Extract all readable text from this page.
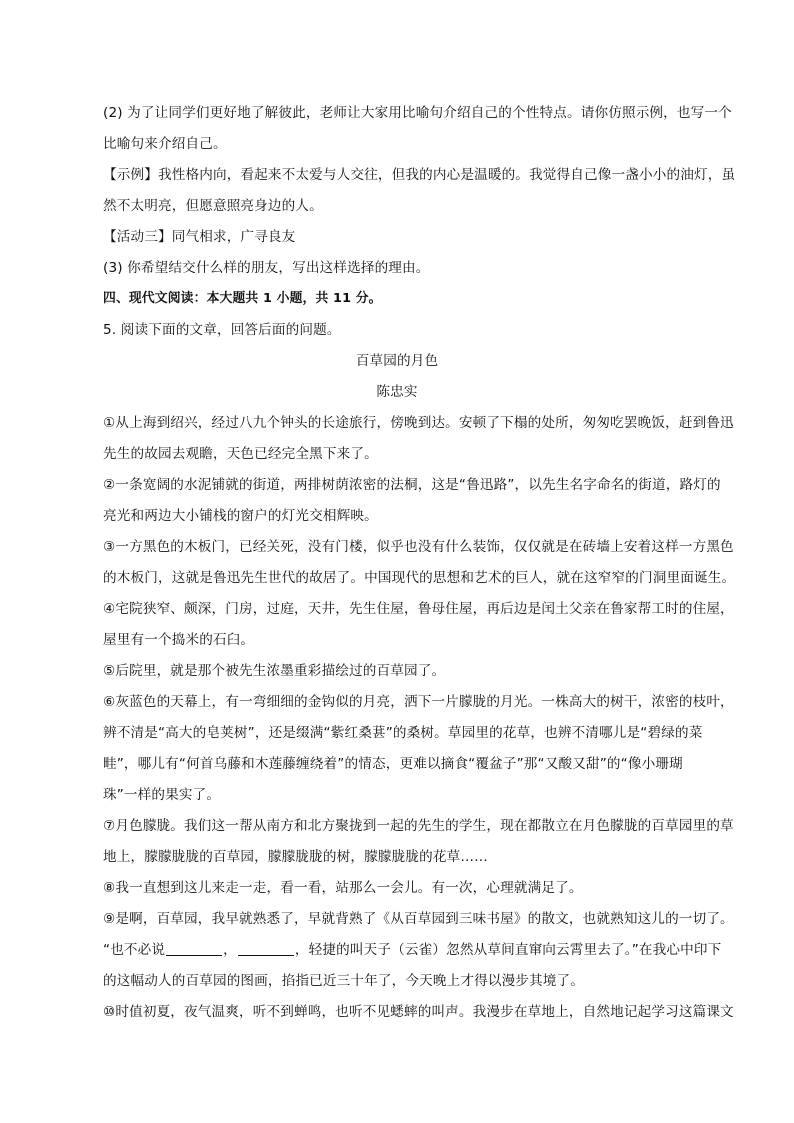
(2) 为了让同学们更好地了解彼此，老师让大家用比喻句介绍自己的个性特点。请你仿照示例，也写一个
比喻句来介绍自己。
【示例】我性格内向，看起来不太爱与人交往，但我的内心是温暖的。我觉得自己像一盏小小的油灯，虽
然不太明亮，但愿意照亮身边的人。
【活动三】同气相求，广寻良友
(3) 你希望结交什么样的朋友，写出这样选择的理由。
四、现代文阅读：本大题共 1 小题，共 11 分。
5. 阅读下面的文章，回答后面的问题。
百草园的月色
陈忠实
①从上海到绍兴，经过八九个钟头的长途旅行，傍晚到达。安顿了下榻的处所，匆匆吃罢晚饭，赶到鲁迅
先生的故园去观瞻，天色已经完全黑下来了。
②一条宽阔的水泥铺就的街道，两排树荫浓密的法桐，这是“鲁迅路”，以先生名字命名的街道，路灯的
亮光和两边大小铺栈的窗户的灯光交相辉映。
③一方黑色的木板门，已经关死，没有门楼，似乎也没有什么装饰，仅仅就是在砖墙上安着这样一方黑色
的木板门，这就是鲁迅先生世代的故居了。中国现代的思想和艺术的巨人，就在这窄窄的门洞里面诞生。
④宅院狭窄、颇深，门房，过庭，天井，先生住屋，鲁母住屋，再后边是闰土父亲在鲁家帮工时的住屋，
屋里有一个捣米的石臼。
⑤后院里，就是那个被先生浓墨重彩描绘过的百草园了。
⑥灰蓝色的天幕上，有一弯细细的金钩似的月亮，洒下一片朦胧的月光。一株高大的树干，浓密的枝叶，
辨不清是“高大的皂荚树”，还是缀满“紫红桑葚”的桑树。草园里的花草，也辨不清哪儿是“碧绿的菜
畦”，哪儿有“何首乌藤和木莲藤缠绕着”的情态，更难以摘食“覆盆子”那“又酸又甜”的“像小珊瑚
珠”一样的果实了。
⑦月色朦胧。我们这一帮从南方和北方聚拢到一起的先生的学生，现在都散立在月色朦胧的百草园里的草
地上，朦朦胧胧的百草园，朦朦胧胧的树，朦朦胧胧的花草……
⑧我一直想到这儿来走一走，看一看，站那么一会儿。有一次，心理就满足了。
⑨是啊，百草园，我早就熟悉了，早就背熟了《从百草园到三味书屋》的散文，也就熟知这儿的一切了。
“也不必说	，	，轻捷的叫天子（云雀）忽然从草间直窜向云霄里去了。”在我心中印下
的这幅动人的百草园的图画，掐指已近三十年了，今天晚上才得以漫步其境了。
⑩时值初夏，夜气温爽，听不到蝉鸣，也听不见蟋蟀的叫声。我漫步在草地上，自然地记起学习这篇课文
